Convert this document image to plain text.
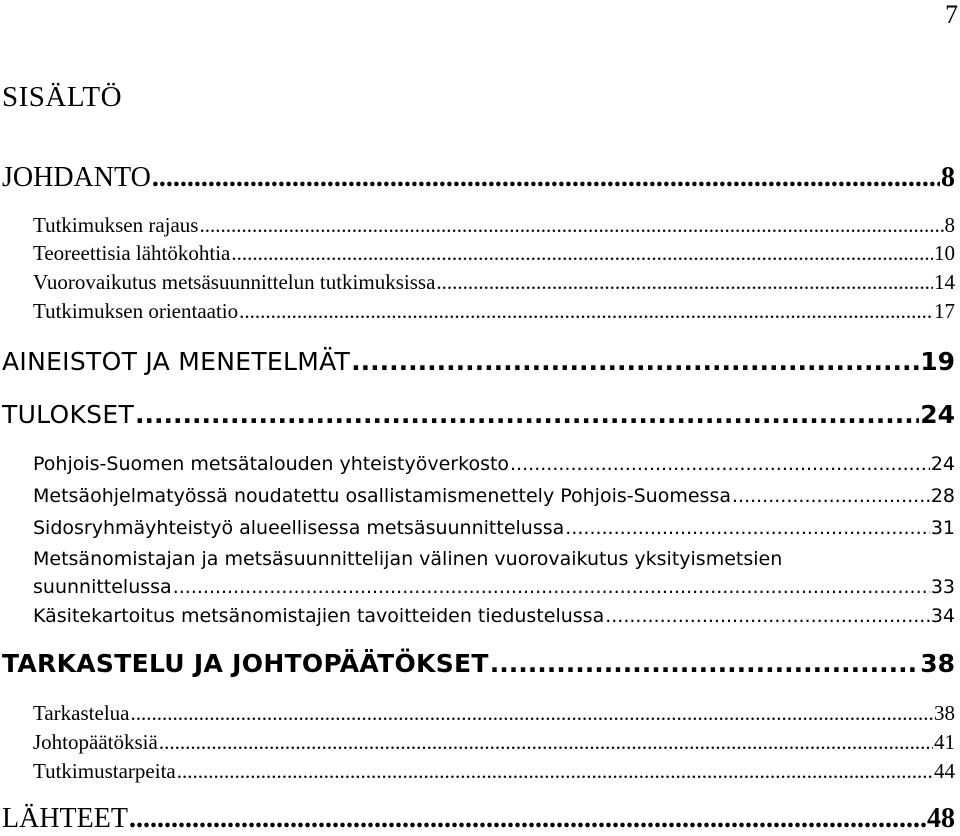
7
SISÄLTÖ
JOHDANTO .....	8
Tutkimuksen rajaus .....	8
Teoreettisia lähtökohtia .....	10
Vuorovaikutus metsäsuunnittelun tutkimuksissa .....	14
Tutkimuksen orientaatio .....	17
AINEISTOT JA MENETELMÄT .....	19
TULOKSET .....	24
Pohjois-Suomen metsätalouden yhteistyöverkosto .....	24
Metsäohjelmatyössä noudatettu osallistamismenettely Pohjois-Suomessa .....	28
Sidosryhmäyhteistyö alueellisessa metsäsuunnittelussa .....	31
Metsänomistajan ja metsäsuunnittelijan välinen vuorovaikutus yksityismetsien
suunnittelussa .....	33
Käsitekartoitus metsänomistajien tavoitteiden tiedustelussa .....	34
TARKASTELU JA JOHTOPÄÄTÖKSET .....	38
Tarkastelua .....	38
Johtopäätöksiä .....	41
Tutkimustarpeita .....	44
LÄHTEET .....	48
